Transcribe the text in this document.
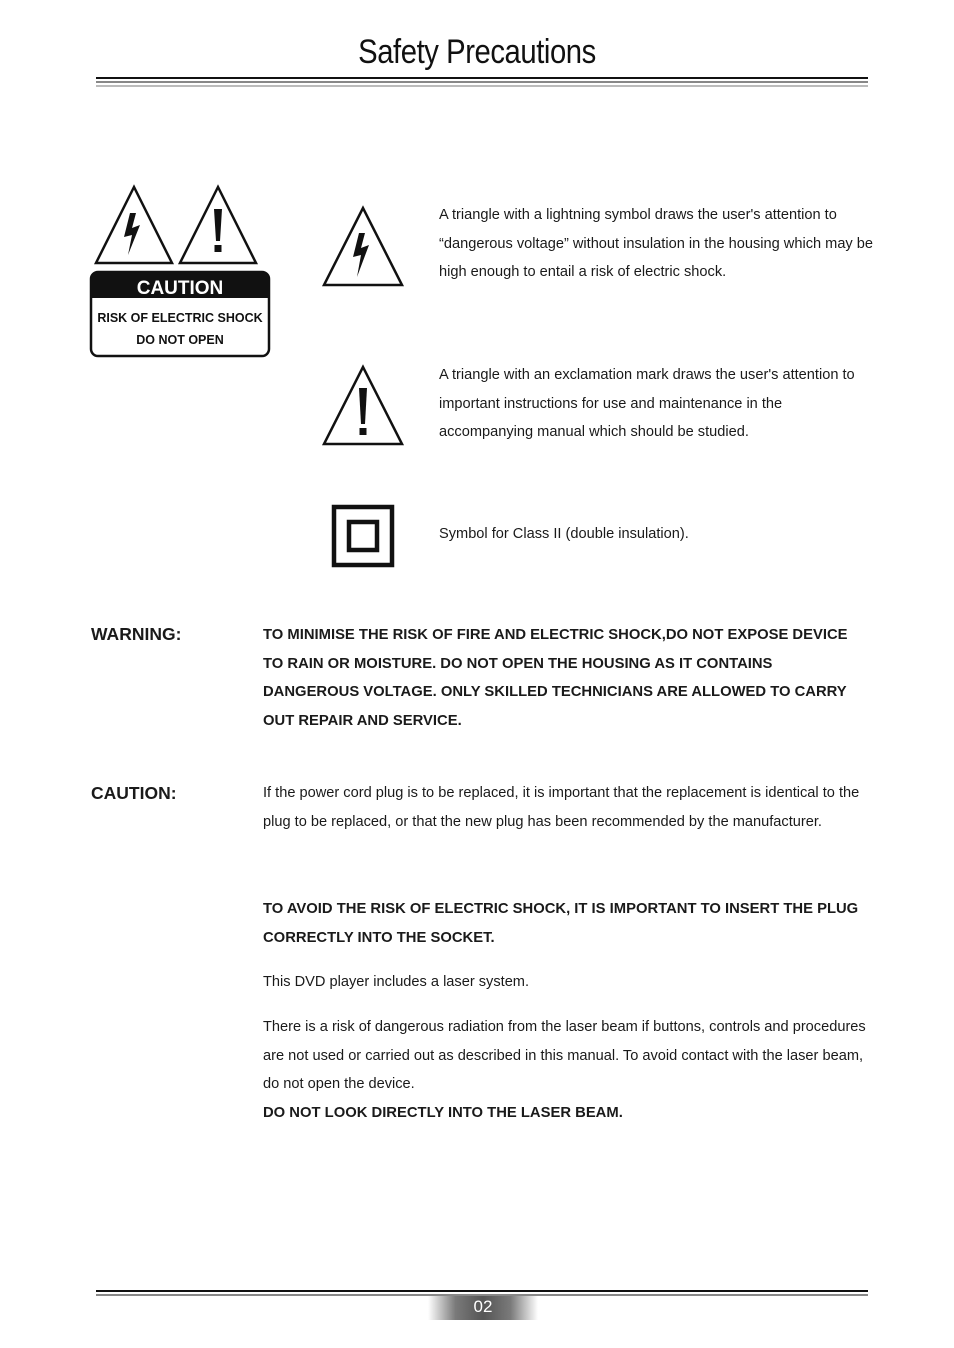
Safety Precautions
CAUTION
RISK OF ELECTRIC SHOCK
DO NOT OPEN
A triangle with a lightning symbol draws the user's attention to “dangerous voltage” without insulation in the housing which may be high enough to entail a risk of electric shock.
A triangle with an exclamation mark draws the user's attention to important instructions for use and maintenance in the accompanying manual which should be studied.
Symbol for Class II (double insulation).
WARNING:	TO MINIMISE THE RISK OF FIRE AND ELECTRIC SHOCK,DO NOT EXPOSE DEVICE TO RAIN OR MOISTURE. DO NOT OPEN THE HOUSING AS IT CONTAINS DANGEROUS VOLTAGE. ONLY SKILLED TECHNICIANS ARE ALLOWED TO CARRY OUT REPAIR AND SERVICE.
CAUTION:	If the power cord plug is to be replaced, it is important that the replacement is identical to the plug to be replaced, or that the new plug has been recommended by the manufacturer.
TO AVOID THE RISK OF ELECTRIC SHOCK, IT IS IMPORTANT TO INSERT THE PLUG CORRECTLY INTO THE SOCKET.
This DVD player includes a laser system.
There is a risk of dangerous radiation from the laser beam if buttons, controls and procedures are not used or carried out as described in this manual. To avoid contact with the laser beam, do not open the device.
DO NOT LOOK DIRECTLY INTO THE LASER BEAM.
02
